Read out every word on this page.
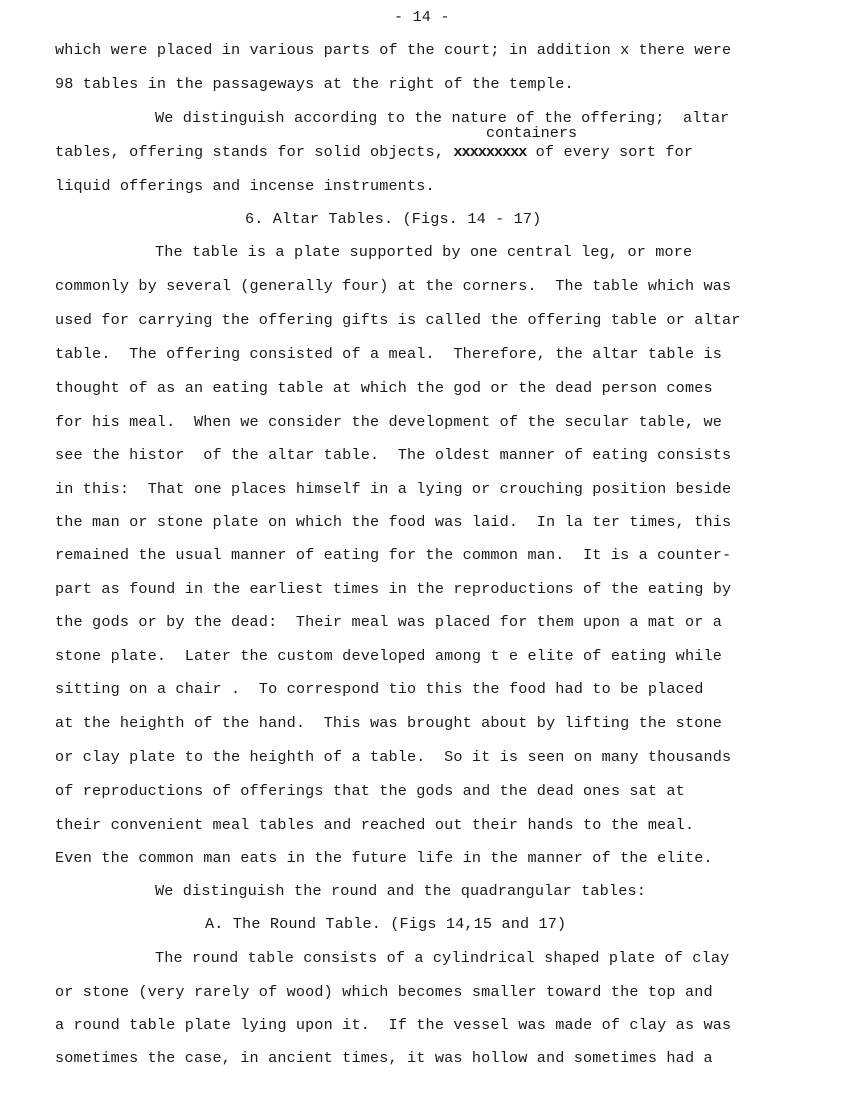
- 14 -
which were placed in various parts of the court; in addition x there were
98 tables in the passageways at the right of the temple.
We distinguish according to the nature of the offering;  altar
containers
tables, offering stands for solid objects, xxxxxxxxx of every sort for
liquid offerings and incense instruments.
6. Altar Tables. (Figs. 14 - 17)
The table is a plate supported by one central leg, or more
commonly by several (generally four) at the corners.  The table which was
used for carrying the offering gifts is called the offering table or altar
table.  The offering consisted of a meal.  Therefore, the altar table is
thought of as an eating table at which the god or the dead person comes
for his meal.  When we consider the development of the secular table, we
see the histor  of the altar table.  The oldest manner of eating consists
in this:  That one places himself in a lying or crouching position beside
the man or stone plate on which the food was laid.  In la ter times, this
remained the usual manner of eating for the common man.  It is a counter-
part as found in the earliest times in the reproductions of the eating by
the gods or by the dead:  Their meal was placed for them upon a mat or a
stone plate.  Later the custom developed among t e elite of eating while
sitting on a chair .  To correspond tio this the food had to be placed
at the heighth of the hand.  This was brought about by lifting the stone
or clay plate to the heighth of a table.  So it is seen on many thousands
of reproductions of offerings that the gods and the dead ones sat at
their convenient meal tables and reached out their hands to the meal.
Even the common man eats in the future life in the manner of the elite.
We distinguish the round and the quadrangular tables:
A. The Round Table. (Figs 14,15 and 17)
The round table consists of a cylindrical shaped plate of clay
or stone (very rarely of wood) which becomes smaller toward the top and
a round table plate lying upon it.  If the vessel was made of clay as was
sometimes the case, in ancient times, it was hollow and sometimes had a
